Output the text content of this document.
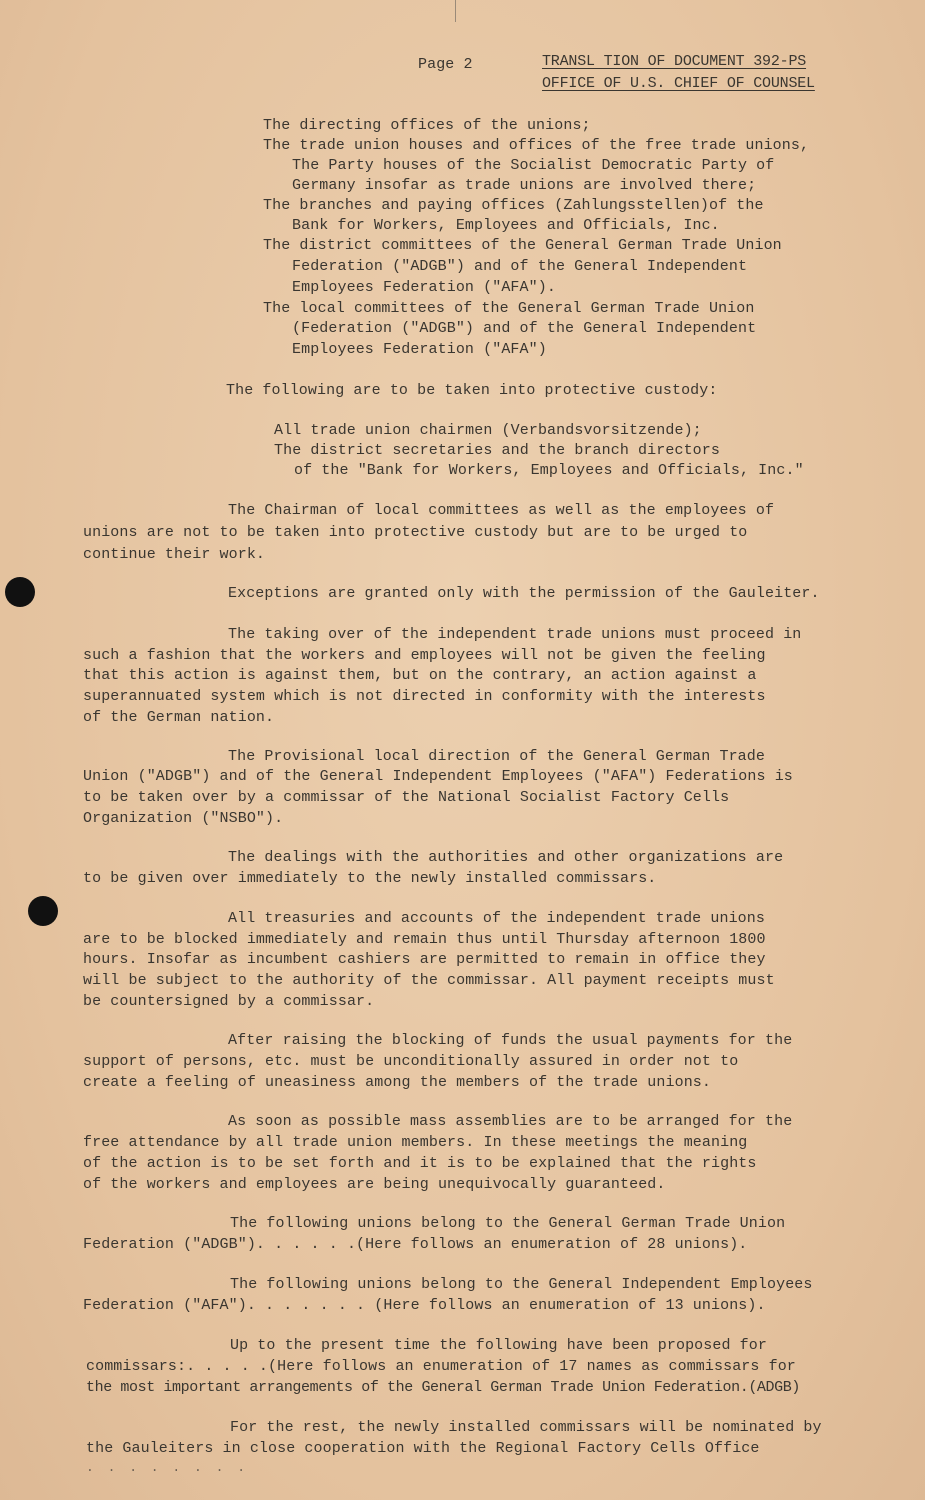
Page 2	TRANSL TION OF DOCUMENT 392-PS
OFFICE OF U.S. CHIEF OF COUNSEL
The directing offices of the unions;
The trade union houses and offices of the free trade unions,
The Party houses of the Socialist Democratic Party of
Germany insofar as trade unions are involved there;
The branches and paying offices (Zahlungsstellen)of the
Bank for Workers, Employees and Officials, Inc.
The district committees of the General German Trade Union
Federation ("ADGB") and of the General Independent
Employees Federation ("AFA").
The local committees of the General German Trade Union
(Federation ("ADGB") and of the General Independent
Employees Federation ("AFA")
The following are to be taken into protective custody:
All trade union chairmen (Verbandsvorsitzende);
The district secretaries and the branch directors
of the "Bank for Workers, Employees and Officials, Inc."
The Chairman of local committees as well as the employees of
unions are not to be taken into protective custody but are to be urged to
continue their work.
Exceptions are granted only with the permission of the Gauleiter.
The taking over of the independent trade unions must proceed in
such a fashion that the workers and employees will not be given the feeling
that this action is against them, but on the contrary, an action against a
superannuated system which is not directed in conformity with the interests
of the German nation.
The Provisional local direction of the General German Trade
Union ("ADGB") and of the General Independent Employees ("AFA") Federations is
to be taken over by a commissar of the National Socialist Factory Cells
Organization ("NSBO").
The dealings with the authorities and other organizations are
to be given over immediately to the newly installed commissars.
All treasuries and accounts of the independent trade unions
are to be blocked immediately and remain thus until Thursday afternoon 1800
hours. Insofar as incumbent cashiers are permitted to remain in office they
will be subject to the authority of the commissar. All payment receipts must
be countersigned by a commissar.
After raising the blocking of funds the usual payments for the
support of persons, etc. must be unconditionally assured in order not to
create a feeling of uneasiness among the members of the trade unions.
As soon as possible mass assemblies are to be arranged for the
free attendance by all trade union members. In these meetings the meaning
of the action is to be set forth and it is to be explained that the rights
of the workers and employees are being unequivocally guaranteed.
The following unions belong to the General German Trade Union
Federation ("ADGB"). . . . . .(Here follows an enumeration of 28 unions).
The following unions belong to the General Independent Employees
Federation ("AFA"). . . . . . . (Here follows an enumeration of 13 unions).
Up to the present time the following have been proposed for
commissars:. . . . .(Here follows an enumeration of 17 names as commissars for
the most important arrangements of the General German Trade Union Federation.(ADGB)
For the rest, the newly installed commissars will be nominated by
the Gauleiters in close cooperation with the Regional Factory Cells Office
. . . . . . . .
